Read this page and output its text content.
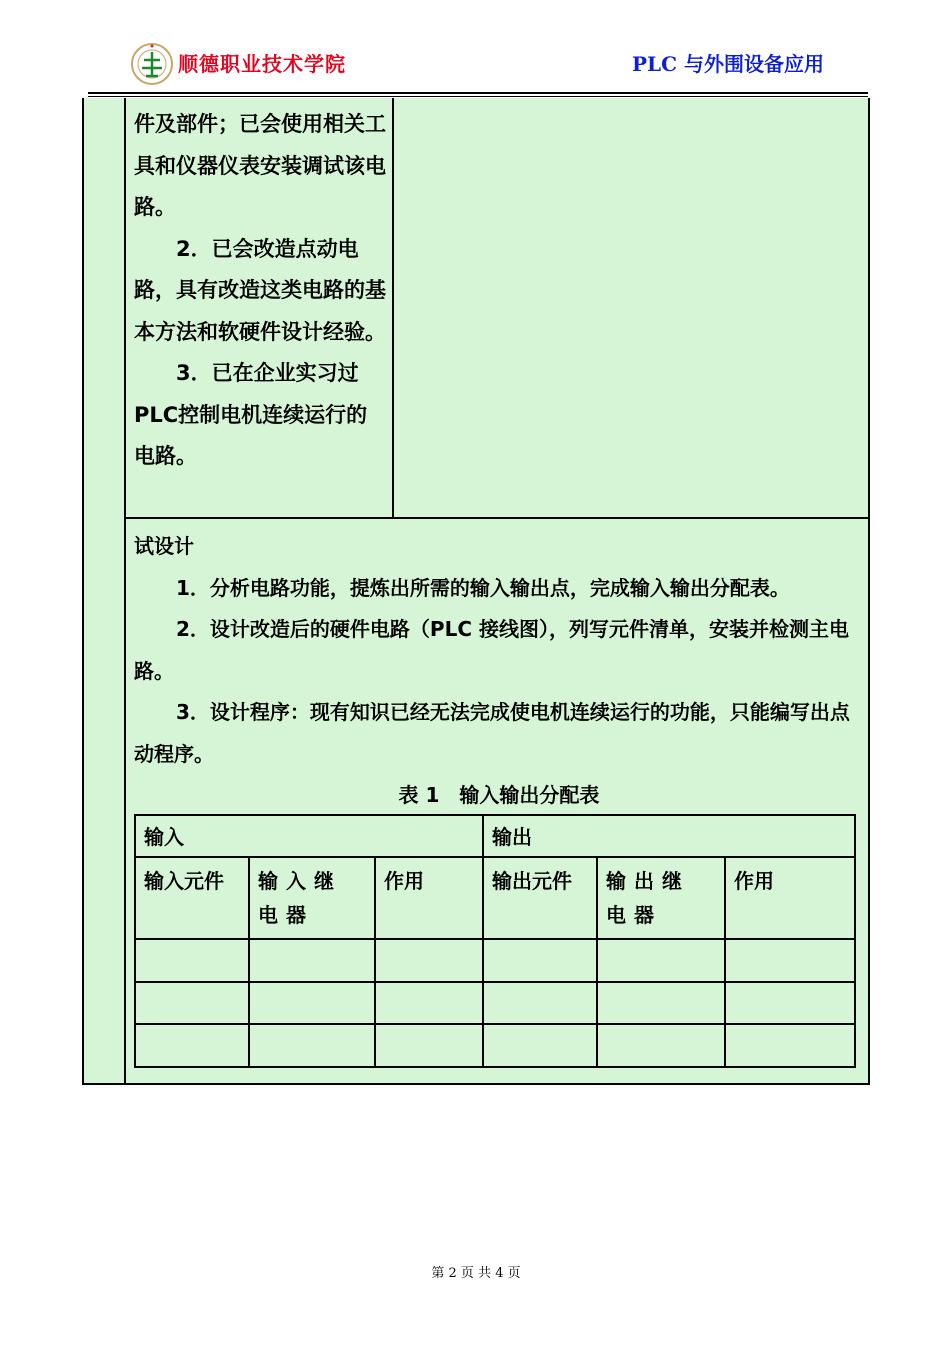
顺德职业技术学院	PLC 与外围设备应用

件及部件；已会使用相关工具和仪器仪表安装调试该电路。

2．已会改造点动电路，具有改造这类电路的基本方法和软硬件设计经验。

3．已在企业实习过PLC控制电机连续运行的电路。

试设计

1．分析电路功能，提炼出所需的输入输出点，完成输入输出分配表。

2．设计改造后的硬件电路（PLC 接线图），列写元件清单，安装并检测主电路。

3．设计程序：现有知识已经无法完成使电机连续运行的功能，只能编写出点动程序。

表 1　输入输出分配表

输入			输出		
输入元件	输入继电器	作用	输出元件	输出继电器	作用

第 2 页 共 4 页
